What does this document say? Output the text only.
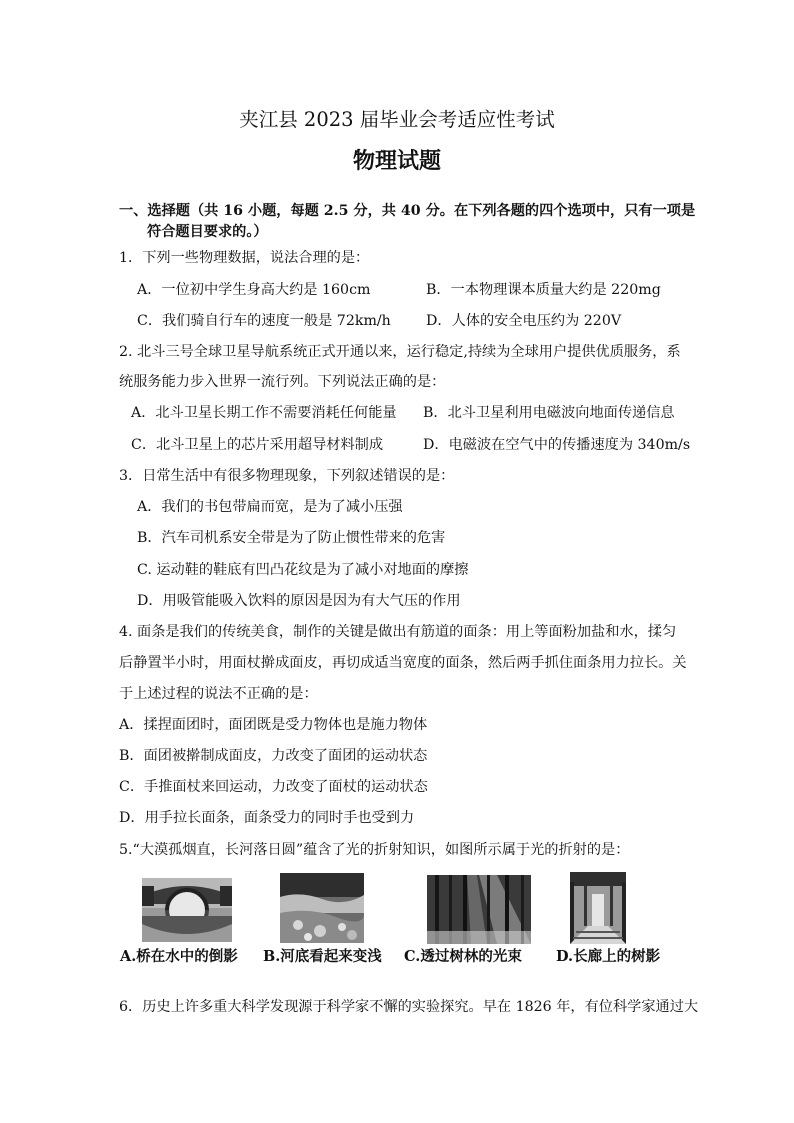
夹江县 2023 届毕业会考适应性考试
物理试题
一、选择题（共 16 小题，每题 2.5 分，共 40 分。在下列各题的四个选项中，只有一项是
符合题目要求的。）
1．下列一些物理数据，说法合理的是：
A．一位初中学生身高大约是 160cm	B．一本物理课本质量大约是 220mg
C．我们骑自行车的速度一般是 72km/h D．人体的安全电压约为 220V
2. 北斗三号全球卫星导航系统正式开通以来，运行稳定,持续为全球用户提供优质服务，系
统服务能力步入世界一流行列。下列说法正确的是：
A．北斗卫星长期工作不需要消耗任何能量 B．北斗卫星利用电磁波向地面传递信息
C．北斗卫星上的芯片采用超导材料制成	D．电磁波在空气中的传播速度为 340m/s
3．日常生活中有很多物理现象，下列叙述错误的是：
A．我们的书包带扁而宽，是为了减小压强
B．汽车司机系安全带是为了防止惯性带来的危害
C. 运动鞋的鞋底有凹凸花纹是为了减小对地面的摩擦
D．用吸管能吸入饮料的原因是因为有大气压的作用
4. 面条是我们的传统美食，制作的关键是做出有筋道的面条：用上等面粉加盐和水，揉匀
后静置半小时，用面杖擀成面皮，再切成适当宽度的面条，然后两手抓住面条用力拉长。关
于上述过程的说法不正确的是：
A．揉捏面团时，面团既是受力物体也是施力物体
B．面团被擀制成面皮，力改变了面团的运动状态
C．手推面杖来回运动，力改变了面杖的运动状态
D．用手拉长面条，面条受力的同时手也受到力
5.“大漠孤烟直，长河落日圆”蕴含了光的折射知识，如图所示属于光的折射的是：
A.桥在水中的倒影 B.河底看起来变浅 C.透过树林的光束 D.长廊上的树影
6．历史上许多重大科学发现源于科学家不懈的实验探究。早在 1826 年，有位科学家通过大
